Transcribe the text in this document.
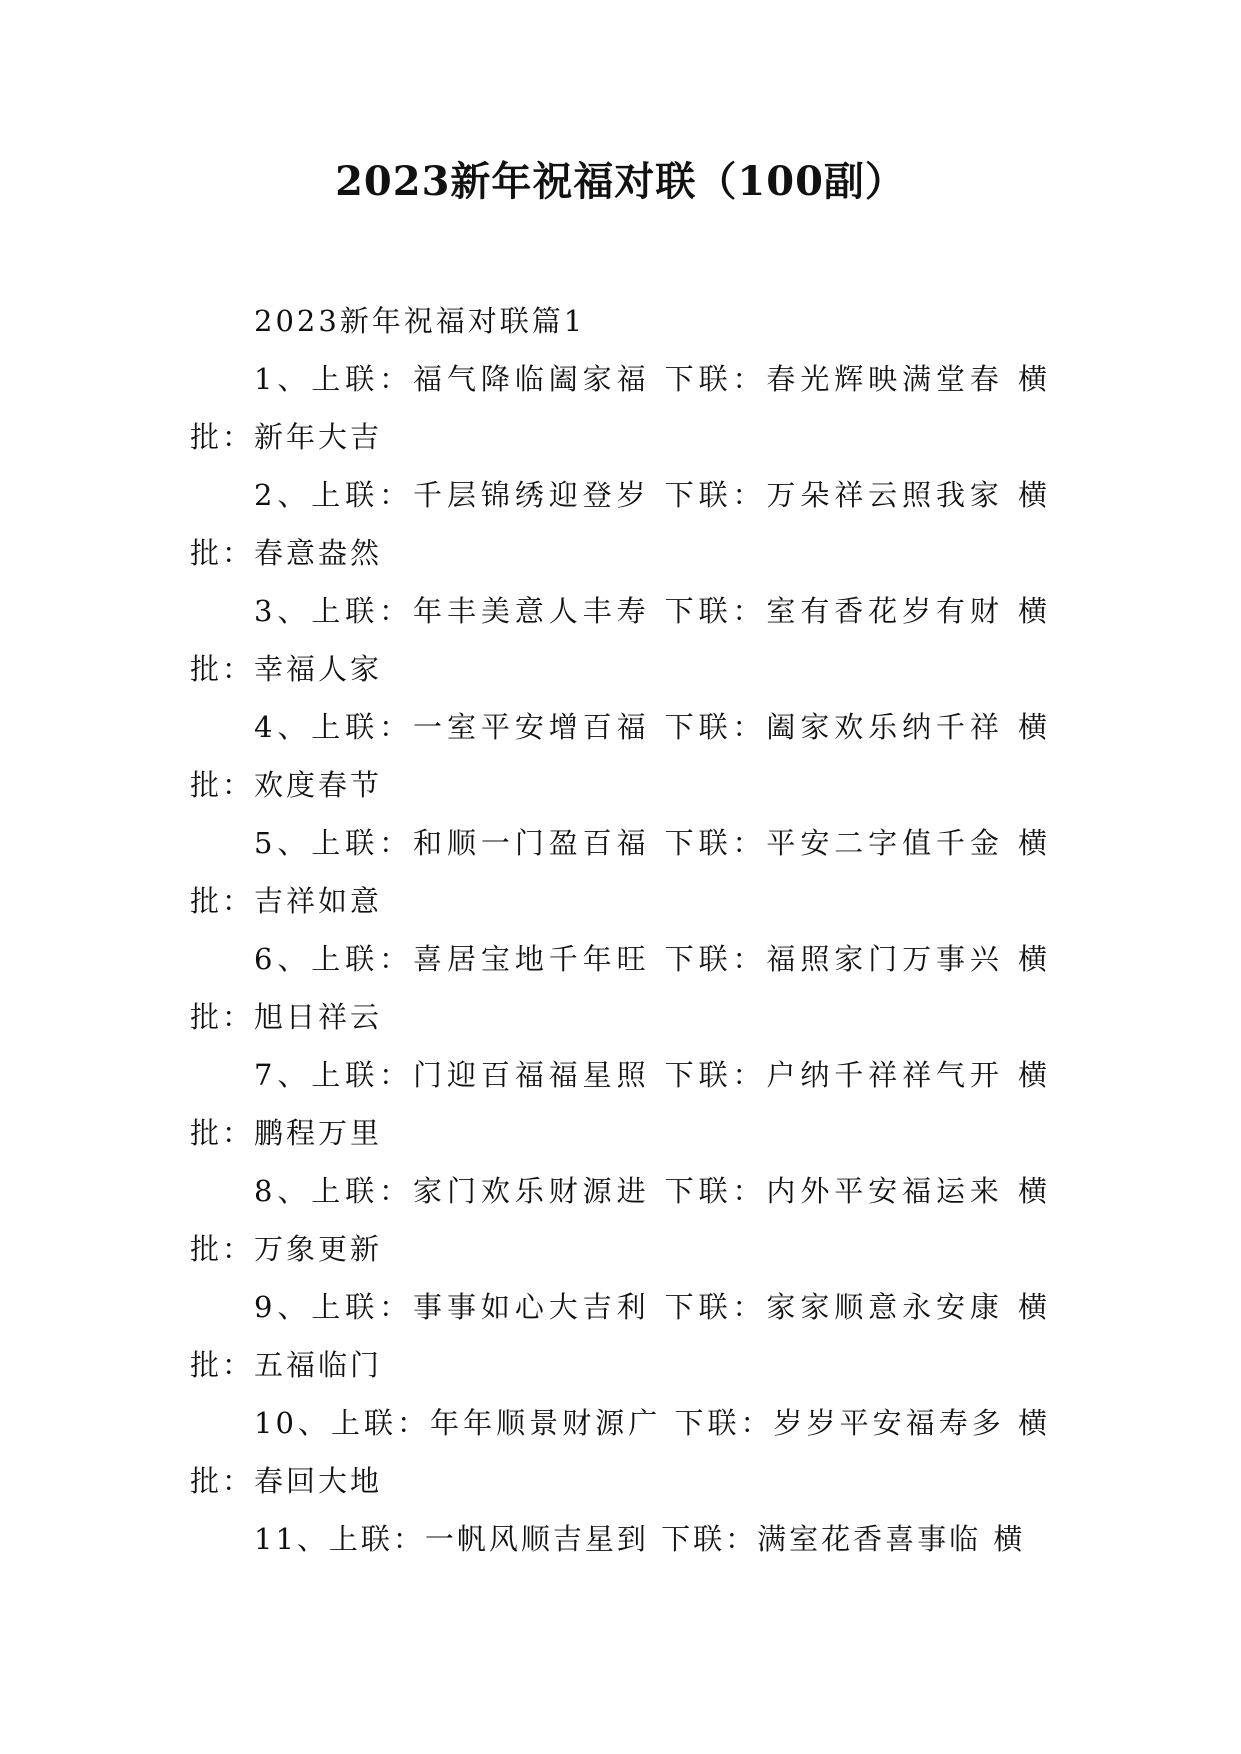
2023新年祝福对联（100副）

2023新年祝福对联篇1

1、上联：福气降临阖家福 下联：春光辉映满堂春 横批：新年大吉

2、上联：千层锦绣迎登岁 下联：万朵祥云照我家 横批：春意盎然

3、上联：年丰美意人丰寿 下联：室有香花岁有财 横批：幸福人家

4、上联：一室平安增百福 下联：阖家欢乐纳千祥 横批：欢度春节

5、上联：和顺一门盈百福 下联：平安二字值千金 横批：吉祥如意

6、上联：喜居宝地千年旺 下联：福照家门万事兴 横批：旭日祥云

7、上联：门迎百福福星照 下联：户纳千祥祥气开 横批：鹏程万里

8、上联：家门欢乐财源进 下联：内外平安福运来 横批：万象更新

9、上联：事事如心大吉利 下联：家家顺意永安康 横批：五福临门

10、上联：年年顺景财源广 下联：岁岁平安福寿多 横批：春回大地

11、上联：一帆风顺吉星到 下联：满室花香喜事临 横
